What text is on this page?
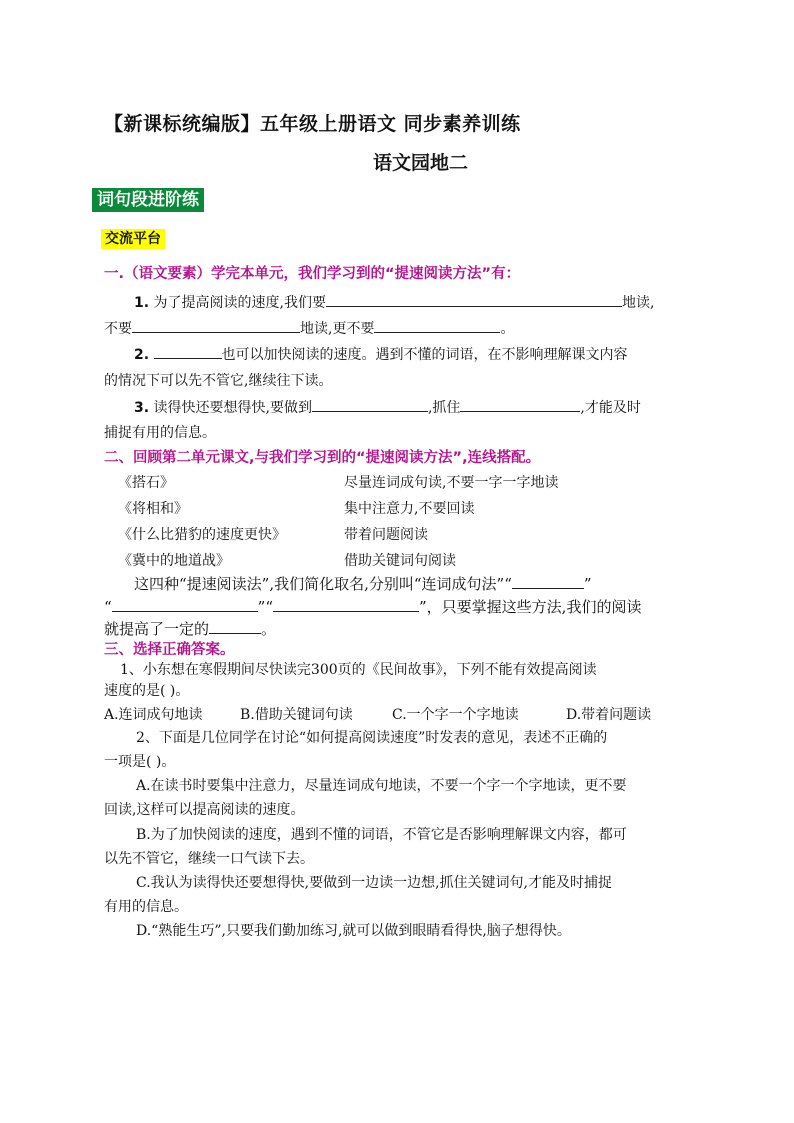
【新课标统编版】五年级上册语文 同步素养训练
语文园地二
词句段进阶练
交流平台
一.（语文要素）学完本单元，我们学习到的“提速阅读方法”有：
1. 为了提高阅读的速度,我们要	地读,
不要	地读,更不要	。
2.	也可以加快阅读的速度。遇到不懂的词语，在不影响理解课文内容
的情况下可以先不管它,继续往下读。
3. 读得快还要想得快,要做到	,抓住	,才能及时
捕捉有用的信息。
二、回顾第二单元课文,与我们学习到的“提速阅读方法”,连线搭配。
《搭石》	尽量连词成句读,不要一字一字地读
《将相和》	集中注意力,不要回读
《什么比猎豹的速度更快》	带着问题阅读
《冀中的地道战》	借助关键词句阅读
这四种“提速阅读法”,我们简化取名,分别叫“连词成句法”“	”
“	”“	”，只要掌握这些方法,我们的阅读
就提高了一定的	。
三、选择正确答案。
1、小东想在寒假期间尽快读完300页的《民间故事》，下列不能有效提高阅读
速度的是( )。
A.连词成句地读	B.借助关键词句读	C.一个字一个字地读	D.带着问题读
2、下面是几位同学在讨论“如何提高阅读速度”时发表的意见，表述不正确的
一项是( )。
A.在读书时要集中注意力，尽量连词成句地读，不要一个字一个字地读，更不要
回读,这样可以提高阅读的速度。
B.为了加快阅读的速度，遇到不懂的词语，不管它是否影响理解课文内容，都可
以先不管它，继续一口气读下去。
C.我认为读得快还要想得快,要做到一边读一边想,抓住关键词句,才能及时捕捉
有用的信息。
D.“熟能生巧”,只要我们勤加练习,就可以做到眼睛看得快,脑子想得快。
